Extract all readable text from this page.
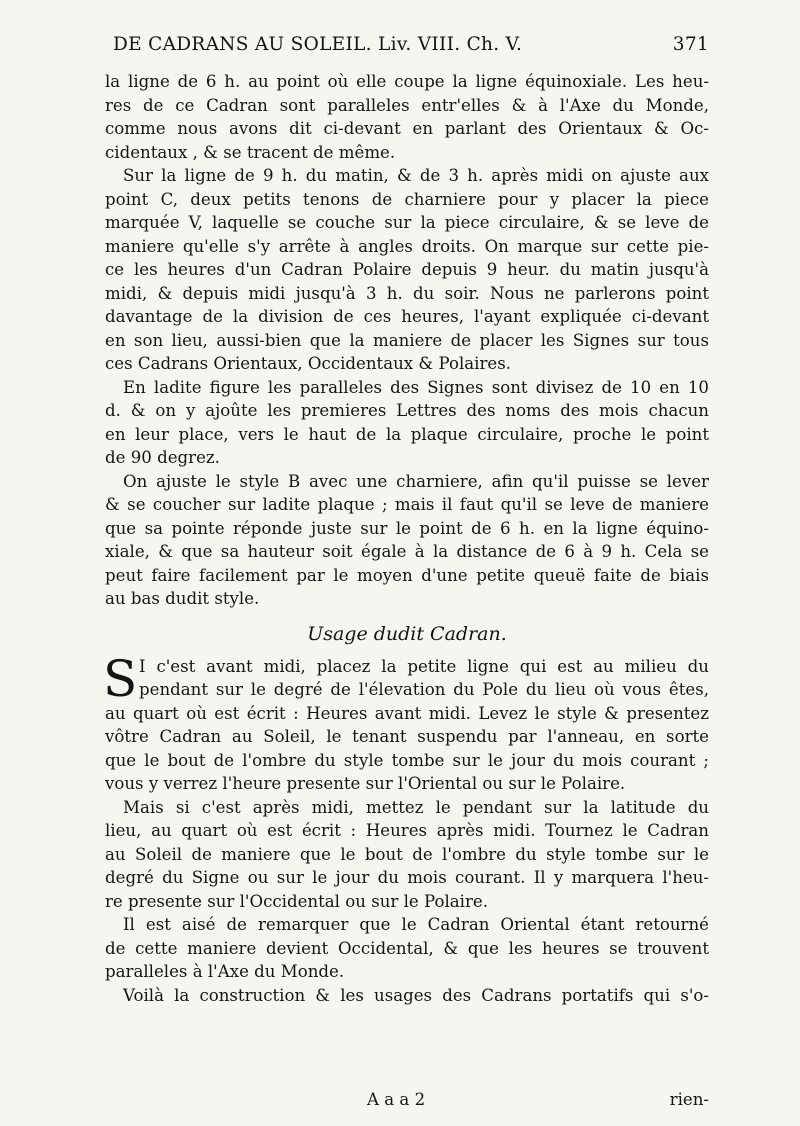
DE CADRANS AU SOLEIL. Liv. VIII. Ch. V.	371
la ligne de 6 h. au point où elle coupe la ligne équinoxiale. Les heu-
res de ce Cadran sont paralleles entr'elles & à l'Axe du Monde,
comme nous avons dit ci-devant en parlant des Orientaux & Oc-
cidentaux , & se tracent de même.
Sur la ligne de 9 h. du matin, & de 3 h. après midi on ajuste aux
point C, deux petits tenons de charniere pour y placer la piece
marquée V, laquelle se couche sur la piece circulaire, & se leve de
maniere qu'elle s'y arrête à angles droits. On marque sur cette pie-
ce les heures d'un Cadran Polaire depuis 9 heur. du matin jusqu'à
midi, & depuis midi jusqu'à 3 h. du soir. Nous ne parlerons point
davantage de la division de ces heures, l'ayant expliquée ci-devant
en son lieu, aussi-bien que la maniere de placer les Signes sur tous
ces Cadrans Orientaux, Occidentaux & Polaires.
En ladite figure les paralleles des Signes sont divisez de 10 en 10
d. & on y ajoûte les premieres Lettres des noms des mois chacun
en leur place, vers le haut de la plaque circulaire, proche le point
de 90 degrez.
On ajuste le style B avec une charniere, afin qu'il puisse se lever
& se coucher sur ladite plaque ; mais il faut qu'il se leve de maniere
que sa pointe réponde juste sur le point de 6 h. en la ligne équino-
xiale, & que sa hauteur soit égale à la distance de 6 à 9 h. Cela se
peut faire facilement par le moyen d'une petite queuë faite de biais
au bas dudit style.
Usage dudit Cadran.
S I c'est avant midi, placez la petite ligne qui est au milieu du
pendant sur le degré de l'élevation du Pole du lieu où vous êtes,
au quart où est écrit : Heures avant midi. Levez le style & presentez
vôtre Cadran au Soleil, le tenant suspendu par l'anneau, en sorte
que le bout de l'ombre du style tombe sur le jour du mois courant ;
vous y verrez l'heure presente sur l'Oriental ou sur le Polaire.
Mais si c'est après midi, mettez le pendant sur la latitude du
lieu, au quart où est écrit : Heures après midi. Tournez le Cadran
au Soleil de maniere que le bout de l'ombre du style tombe sur le
degré du Signe ou sur le jour du mois courant. Il y marquera l'heu-
re presente sur l'Occidental ou sur le Polaire.
Il est aisé de remarquer que le Cadran Oriental étant retourné
de cette maniere devient Occidental, & que les heures se trouvent
paralleles à l'Axe du Monde.
Voilà la construction & les usages des Cadrans portatifs qui s'o-
A a a 2	rien-
